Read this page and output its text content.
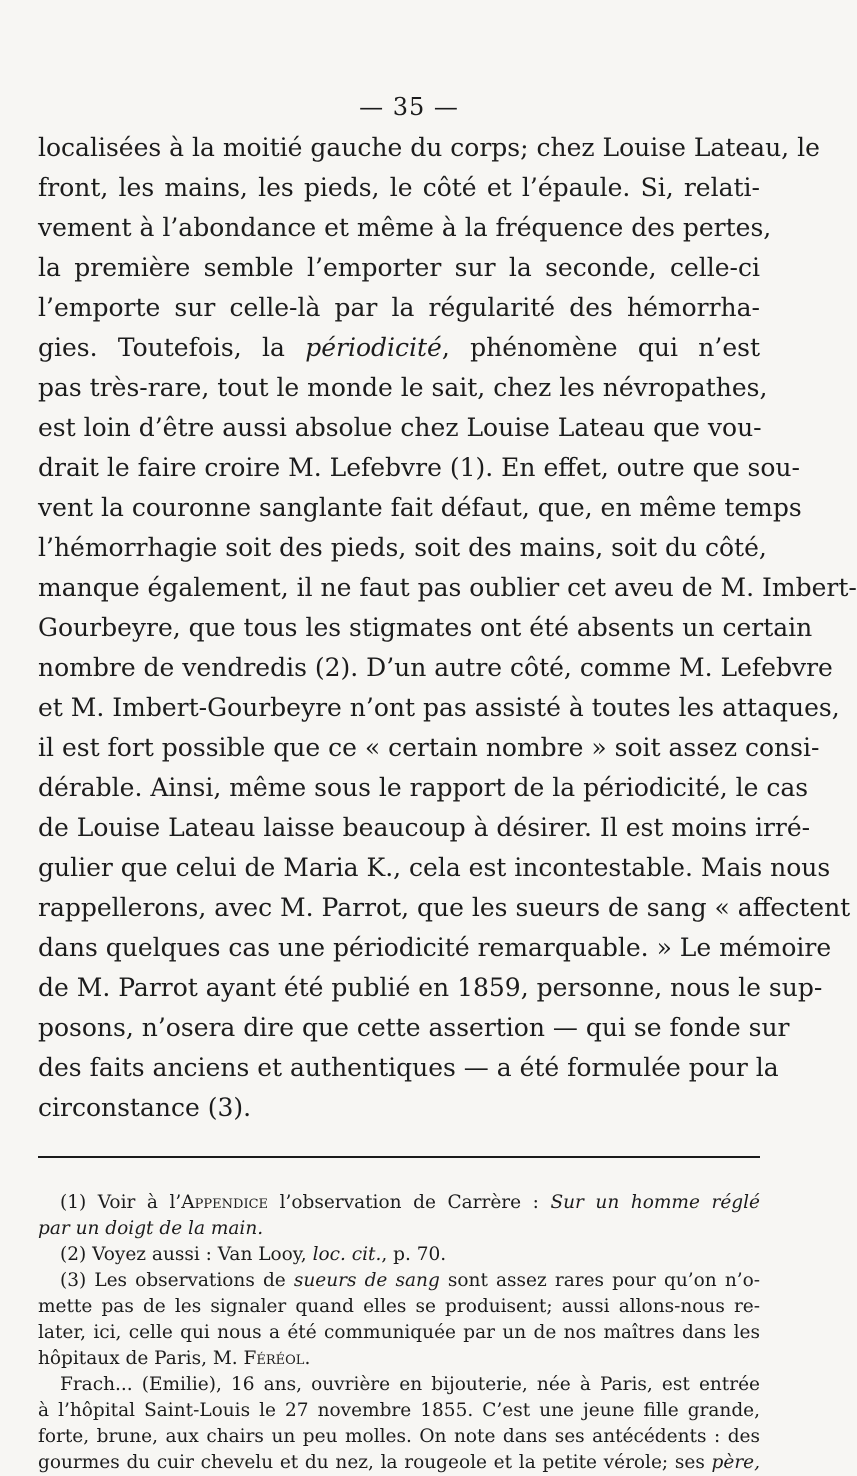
— 35 —
localisées à la moitié gauche du corps; chez Louise Lateau, le
front, les mains, les pieds, le côté et l’épaule. Si, relati-
vement à l’abondance et même à la fréquence des pertes,
la première semble l’emporter sur la seconde, celle-ci
l’emporte sur celle-là par la régularité des hémorrha-
gies. Toutefois, la périodicité, phénomène qui n’est
pas très-rare, tout le monde le sait, chez les névropathes,
est loin d’être aussi absolue chez Louise Lateau que vou-
drait le faire croire M. Lefebvre (1). En effet, outre que sou-
vent la couronne sanglante fait défaut, que, en même temps
l’hémorrhagie soit des pieds, soit des mains, soit du côté,
manque également, il ne faut pas oublier cet aveu de M. Imbert-
Gourbeyre, que tous les stigmates ont été absents un certain
nombre de vendredis (2). D’un autre côté, comme M. Lefebvre
et M. Imbert-Gourbeyre n’ont pas assisté à toutes les attaques,
il est fort possible que ce « certain nombre » soit assez consi-
dérable. Ainsi, même sous le rapport de la périodicité, le cas
de Louise Lateau laisse beaucoup à désirer. Il est moins irré-
gulier que celui de Maria K., cela est incontestable. Mais nous
rappellerons, avec M. Parrot, que les sueurs de sang « affectent
dans quelques cas une périodicité remarquable. » Le mémoire
de M. Parrot ayant été publié en 1859, personne, nous le sup-
posons, n’osera dire que cette assertion — qui se fonde sur
des faits anciens et authentiques — a été formulée pour la
circonstance (3).
(1) Voir à l’Appendice l’observation de Carrère : Sur un homme réglé
par un doigt de la main.
(2) Voyez aussi : Van Looy, loc. cit., p. 70.
(3) Les observations de sueurs de sang sont assez rares pour qu’on n’o-
mette pas de les signaler quand elles se produisent; aussi allons-nous re-
later, ici, celle qui nous a été communiquée par un de nos maîtres dans les
hôpitaux de Paris, M. Féréol.
Frach... (Emilie), 16 ans, ouvrière en bijouterie, née à Paris, est entrée
à l’hôpital Saint-Louis le 27 novembre 1855. C’est une jeune fille grande,
forte, brune, aux chairs un peu molles. On note dans ses antécédents : des
gourmes du cuir chevelu et du nez, la rougeole et la petite vérole; ses père,
